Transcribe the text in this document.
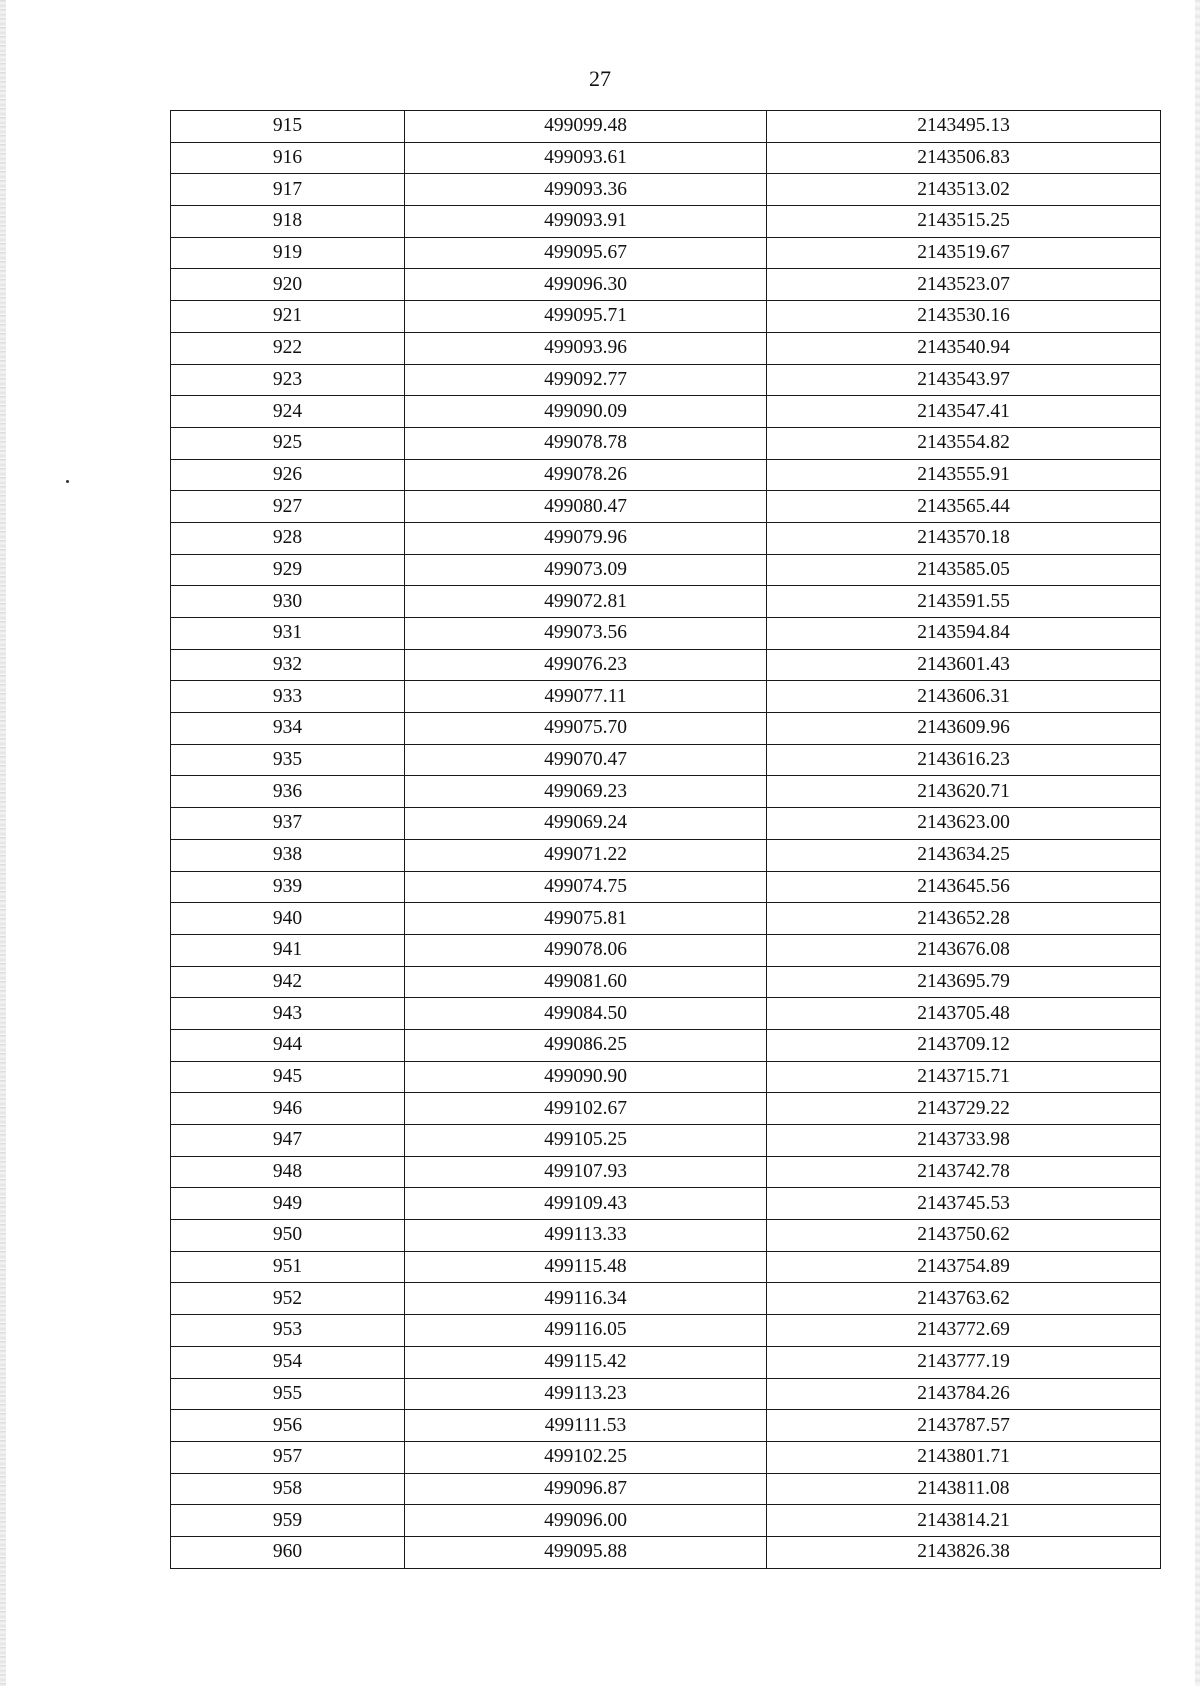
27
915	499099.48	2143495.13
916	499093.61	2143506.83
917	499093.36	2143513.02
918	499093.91	2143515.25
919	499095.67	2143519.67
920	499096.30	2143523.07
921	499095.71	2143530.16
922	499093.96	2143540.94
923	499092.77	2143543.97
924	499090.09	2143547.41
925	499078.78	2143554.82
926	499078.26	2143555.91
927	499080.47	2143565.44
928	499079.96	2143570.18
929	499073.09	2143585.05
930	499072.81	2143591.55
931	499073.56	2143594.84
932	499076.23	2143601.43
933	499077.11	2143606.31
934	499075.70	2143609.96
935	499070.47	2143616.23
936	499069.23	2143620.71
937	499069.24	2143623.00
938	499071.22	2143634.25
939	499074.75	2143645.56
940	499075.81	2143652.28
941	499078.06	2143676.08
942	499081.60	2143695.79
943	499084.50	2143705.48
944	499086.25	2143709.12
945	499090.90	2143715.71
946	499102.67	2143729.22
947	499105.25	2143733.98
948	499107.93	2143742.78
949	499109.43	2143745.53
950	499113.33	2143750.62
951	499115.48	2143754.89
952	499116.34	2143763.62
953	499116.05	2143772.69
954	499115.42	2143777.19
955	499113.23	2143784.26
956	499111.53	2143787.57
957	499102.25	2143801.71
958	499096.87	2143811.08
959	499096.00	2143814.21
960	499095.88	2143826.38
